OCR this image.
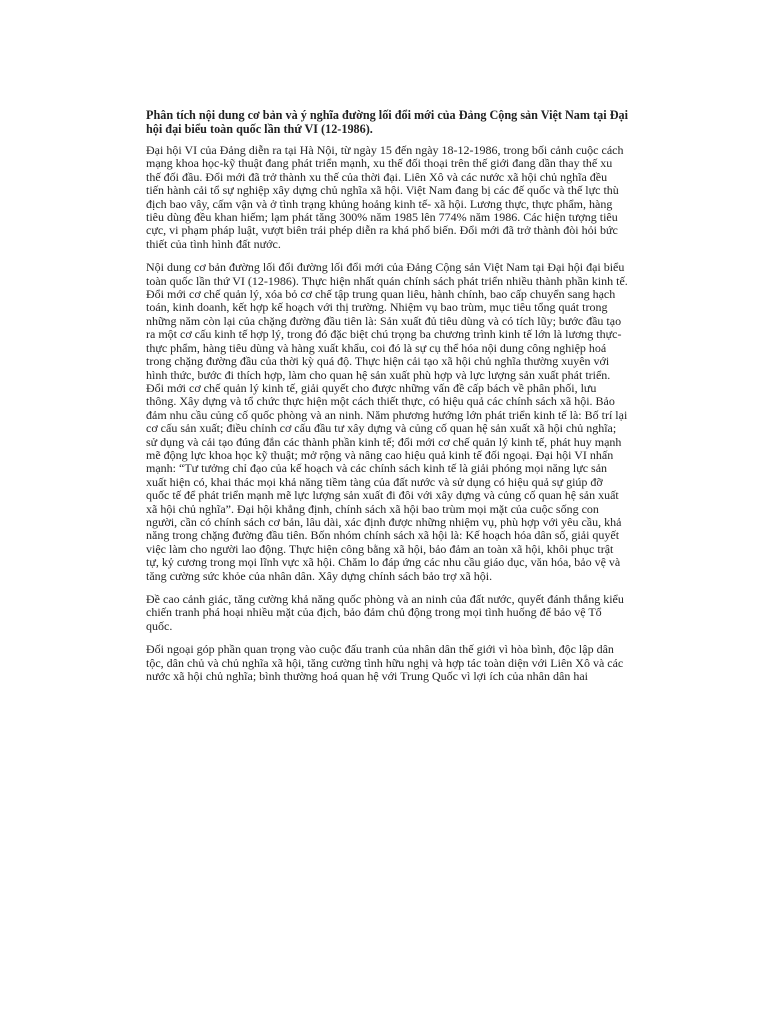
Phân tích nội dung cơ bản và ý nghĩa đường lối đổi mới của Đảng Cộng sản Việt Nam tại Đại hội đại biểu toàn quốc lần thứ VI (12-1986).
Đại hội VI của Đảng diễn ra tại Hà Nội, từ ngày 15 đến ngày 18-12-1986, trong bối cảnh cuộc cách mạng khoa học-kỹ thuật đang phát triển mạnh, xu thế đối thoại trên thế giới đang dần thay thế xu thế đối đầu. Đổi mới đã trở thành xu thế của thời đại. Liên Xô và các nước xã hội chủ nghĩa đều tiến hành cải tổ sự nghiệp xây dựng chủ nghĩa xã hội. Việt Nam đang bị các đế quốc và thế lực thù địch bao vây, cấm vận và ở tình trạng khủng hoảng kinh tế- xã hội. Lương thực, thực phẩm, hàng tiêu dùng đều khan hiếm; lạm phát tăng 300% năm 1985 lên 774% năm 1986. Các hiện tượng tiêu cực, vi phạm pháp luật, vượt biên trái phép diễn ra khá phổ biến. Đổi mới đã trở thành đòi hỏi bức thiết của tình hình đất nước.
Nội dung cơ bản đường lối đổi đường lối đổi mới của Đảng Cộng sản Việt Nam tại Đại hội đại biểu toàn quốc lần thứ VI (12-1986). Thực hiện nhất quán chính sách phát triển nhiều thành phần kinh tế. Đổi mới cơ chế quản lý, xóa bỏ cơ chế tập trung quan liêu, hành chính, bao cấp chuyển sang hạch toán, kinh doanh, kết hợp kế hoạch với thị trường. Nhiệm vụ bao trùm, mục tiêu tổng quát trong những năm còn lại của chặng đường đầu tiên là: Sản xuất đủ tiêu dùng và có tích lũy; bước đầu tạo ra một cơ cấu kinh tế hợp lý, trong đó đặc biệt chú trọng ba chương trình kinh tế lớn là lương thực-thực phẩm, hàng tiêu dùng và hàng xuất khẩu, coi đó là sự cụ thể hóa nội dung công nghiệp hoá trong chặng đường đầu của thời kỳ quá độ. Thực hiện cải tạo xã hội chủ nghĩa thường xuyên với hình thức, bước đi thích hợp, làm cho quan hệ sản xuất phù hợp và lực lượng sản xuất phát triển. Đổi mới cơ chế quản lý kinh tế, giải quyết cho được những vấn đề cấp bách về phân phối, lưu thông. Xây dựng và tổ chức thực hiện một cách thiết thực, có hiệu quả các chính sách xã hội. Bảo đảm nhu cầu củng cố quốc phòng và an ninh. Năm phương hướng lớn phát triển kinh tế là: Bố trí lại cơ cấu sản xuất; điều chỉnh cơ cấu đầu tư xây dựng và củng cố quan hệ sản xuất xã hội chủ nghĩa; sử dụng và cải tạo đúng đắn các thành phần kinh tế; đổi mới cơ chế quản lý kinh tế, phát huy mạnh mẽ động lực khoa học kỹ thuật; mở rộng và nâng cao hiệu quả kinh tế đối ngoại. Đại hội VI nhấn mạnh: “Tư tưởng chỉ đạo của kế hoạch và các chính sách kinh tế là giải phóng mọi năng lực sản xuất hiện có, khai thác mọi khả năng tiềm tàng của đất nước và sử dụng có hiệu quả sự giúp đỡ quốc tế để phát triển mạnh mẽ lực lượng sản xuất đi đôi với xây dựng và củng cố quan hệ sản xuất xã hội chủ nghĩa”. Đại hội khẳng định, chính sách xã hội bao trùm mọi mặt của cuộc sống con người, cần có chính sách cơ bản, lâu dài, xác định được những nhiệm vụ, phù hợp với yêu cầu, khả năng trong chặng đường đầu tiên. Bốn nhóm chính sách xã hội là: Kế hoạch hóa dân số, giải quyết việc làm cho người lao động. Thực hiện công bằng xã hội, bảo đảm an toàn xã hội, khôi phục trật tự, kỷ cương trong mọi lĩnh vực xã hội. Chăm lo đáp ứng các nhu cầu giáo dục, văn hóa, bảo vệ và tăng cường sức khỏe của nhân dân. Xây dựng chính sách bảo trợ xã hội.
Đề cao cảnh giác, tăng cường khả năng quốc phòng và an ninh của đất nước, quyết đánh thắng kiểu chiến tranh phá hoại nhiều mặt của địch, bảo đảm chủ động trong mọi tình huống để bảo vệ Tổ quốc.
Đối ngoại góp phần quan trọng vào cuộc đấu tranh của nhân dân thế giới vì hòa bình, độc lập dân tộc, dân chủ và chủ nghĩa xã hội, tăng cường tình hữu nghị và hợp tác toàn diện với Liên Xô và các nước xã hội chủ nghĩa; bình thường hoá quan hệ với Trung Quốc vì lợi ích của nhân dân hai
